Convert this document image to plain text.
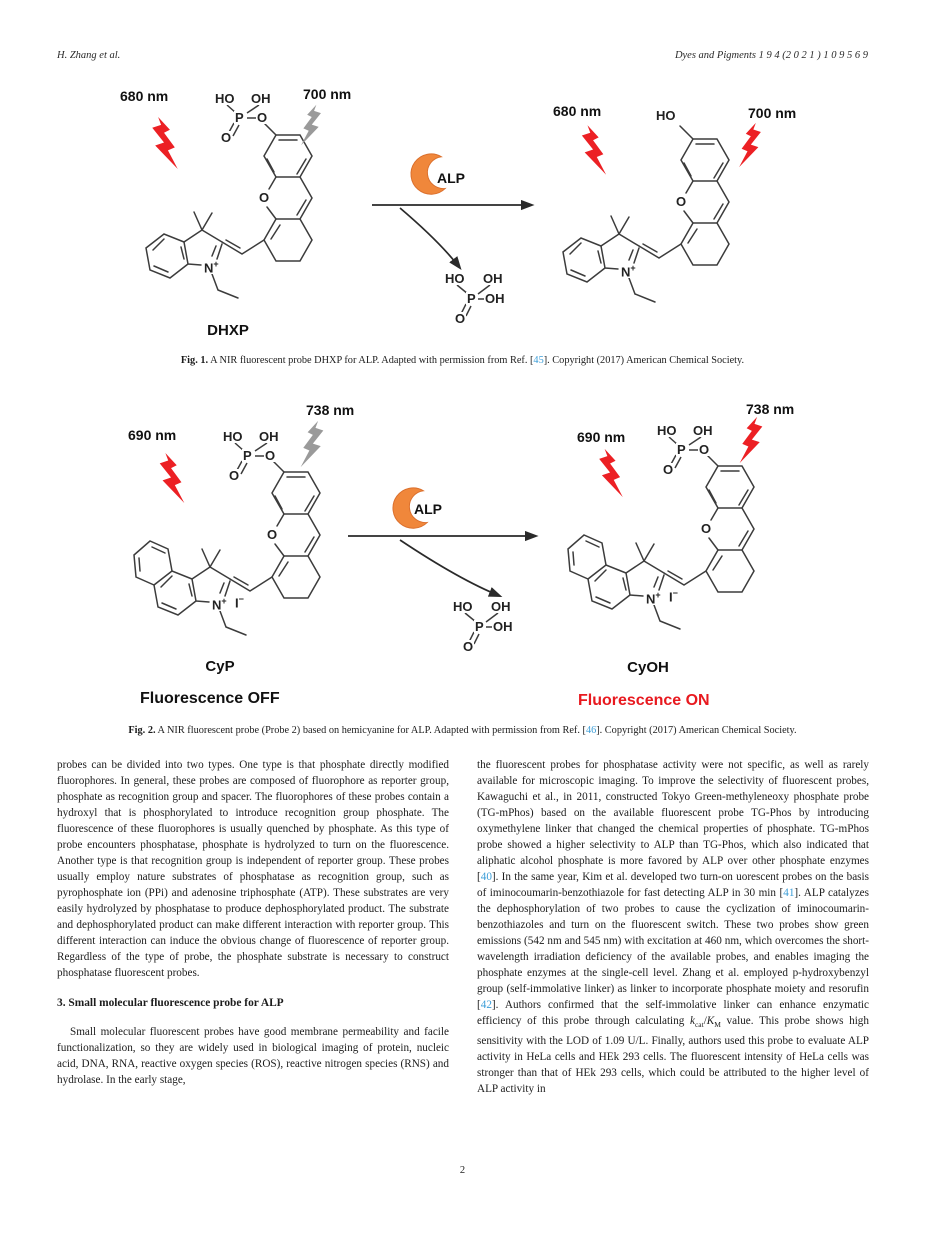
H. Zhang et al.	Dyes and Pigments 1 9 4 (2 0 2 1 ) 1 0 9 5 6 9
680 nm	700 nm
HO OH
P O
O
O
N+
DHXP
ALP
HO OH
P OH
O
680 nm	700 nm
HO
O
N+
Fig. 1. A NIR fluorescent probe DHXP for ALP. Adapted with permission from Ref. [45]. Copyright (2017) American Chemical Society.
690 nm
738 nm
HO OH
P O
O
O
N+ I−
CyP
Fluorescence OFF
ALP
HO OH
P OH
O
690 nm
738 nm
HO OH
P O
O
O
N+ I−
CyOH
Fluorescence ON
Fig. 2. A NIR fluorescent probe (Probe 2) based on hemicyanine for ALP. Adapted with permission from Ref. [46]. Copyright (2017) American Chemical Society.

probes can be divided into two types. One type is that phosphate directly modified fluorophores. In general, these probes are composed of fluorophore as reporter group, phosphate as recognition group and spacer. The fluorophores of these probes contain a hydroxyl that is phosphorylated to introduce recognition group phosphate. The fluorescence of these fluorophores is usually quenched by phosphate. As this type of probe encounters phosphatase, phosphate is hydrolyzed to turn on the fluorescence. Another type is that recognition group is independent of reporter group. These probes usually employ nature substrates of phosphatase as recognition group, such as pyrophosphate ion (PPi) and adenosine triphosphate (ATP). These substrates are very easily hydrolyzed by phosphatase to produce dephosphorylated product. The substrate and dephosphorylated product can make different interaction with reporter group. This different interaction can induce the obvious change of fluorescence of reporter group. Regardless of the type of probe, the phosphate substrate is necessary to construct phosphatase fluorescent probes.

3. Small molecular fluorescence probe for ALP

Small molecular fluorescent probes have good membrane permeability and facile functionalization, so they are widely used in biological imaging of protein, nucleic acid, DNA, RNA, reactive oxygen species (ROS), reactive nitrogen species (RNS) and hydrolase. In the early stage,

the fluorescent probes for phosphatase activity were not specific, as well as rarely available for microscopic imaging. To improve the selectivity of fluorescent probes, Kawaguchi et al., in 2011, constructed Tokyo Green-methyleneoxy phosphate probe (TG-mPhos) based on the available fluorescent probe TG-Phos by introducing oxymethylene linker that changed the chemical properties of phosphate. TG-mPhos probe showed a higher selectivity to ALP than TG-Phos, which also indicated that aliphatic alcohol phosphate is more favored by ALP over other phosphate enzymes [40]. In the same year, Kim et al. developed two turn-on uorescent probes on the basis of iminocoumarin-benzothiazole for fast detecting ALP in 30 min [41]. ALP catalyzes the dephosphorylation of two probes to cause the cyclization of iminocoumarin-benzothiazoles and turn on the fluorescent switch. These two probes show green emissions (542 nm and 545 nm) with excitation at 460 nm, which overcomes the short-wavelength irradiation deficiency of the available probes, and enables imaging the phosphate enzymes at the single-cell level. Zhang et al. employed p-hydroxybenzyl group (self-immolative linker) as linker to incorporate phosphate moiety and resorufin [42]. Authors confirmed that the self-immolative linker can enhance enzymatic efficiency of this probe through calculating $k_{cat}/K_M$ value. This probe shows high sensitivity with the LOD of 1.09 U/L. Finally, authors used this probe to evaluate ALP activity in HeLa cells and HEk 293 cells. The fluorescent intensity of HeLa cells was stronger than that of HEk 293 cells, which could be attributed to the higher level of ALP activity in

2
